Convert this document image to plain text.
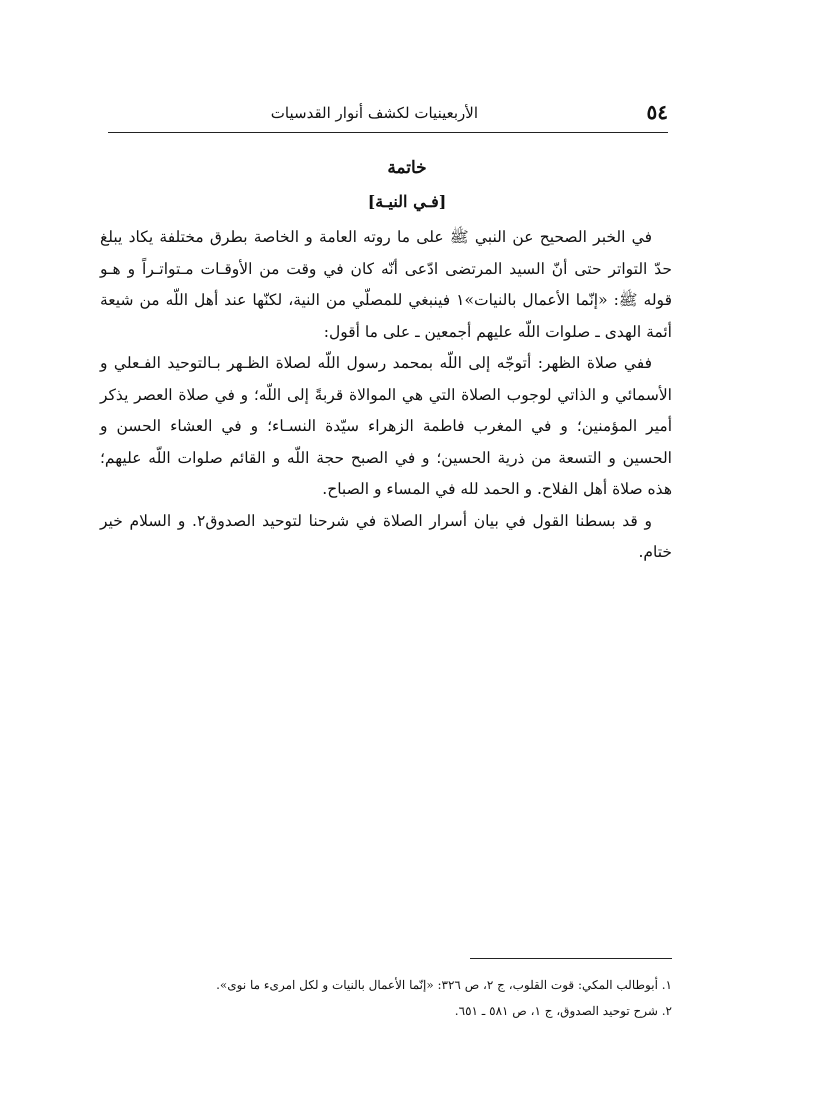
٥٤
الأربعينيات لكشف أنوار القدسيات
خاتمة
[فـي النيـة]

في الخبر الصحيح عن النبي ﷺ على ما روته العامة و الخاصة بطرق مختلفة يكاد يبلغ حدّ التواتر حتى أنّ السيد المرتضى ادّعى أنّه كان في وقت من الأوقـات مـتواتـراً و هـو قوله ﷺ: «إنّما الأعمال بالنيات»١ فينبغي للمصلّي من النية، لكنّها عند أهل اللّه من شيعة أئمة الهدى ـ صلوات اللّه عليهم أجمعين ـ على ما أقول:

ففي صلاة الظهر: أتوجّه إلى اللّه بمحمد رسول اللّه لصلاة الظـهر بـالتوحيد الفـعلي و الأسمائي و الذاتي لوجوب الصلاة التي هي الموالاة قربةً إلى اللّه؛ و في صلاة العصر يذكر أمير المؤمنين؛ و في المغرب فاطمة الزهراء سيّدة النسـاء؛ و في العشاء الحسن و الحسين و التسعة من ذرية الحسين؛ و في الصبح حجة اللّه و القائم صلوات اللّه عليهم؛ هذه صلاة أهل الفلاح. و الحمد لله في المساء و الصباح.

و قد بسطنا القول في بيان أسرار الصلاة في شرحنا لتوحيد الصدوق٢. و السلام خير ختام.

١. أبوطالب المكي: قوت القلوب، ج ٢، ص ٣٢٦: «إنّما الأعمال بالنيات و لكل امرىء ما نوى».
٢. شرح توحيد الصدوق، ج ١، ص ٥٨١ ـ ٦٥١.
